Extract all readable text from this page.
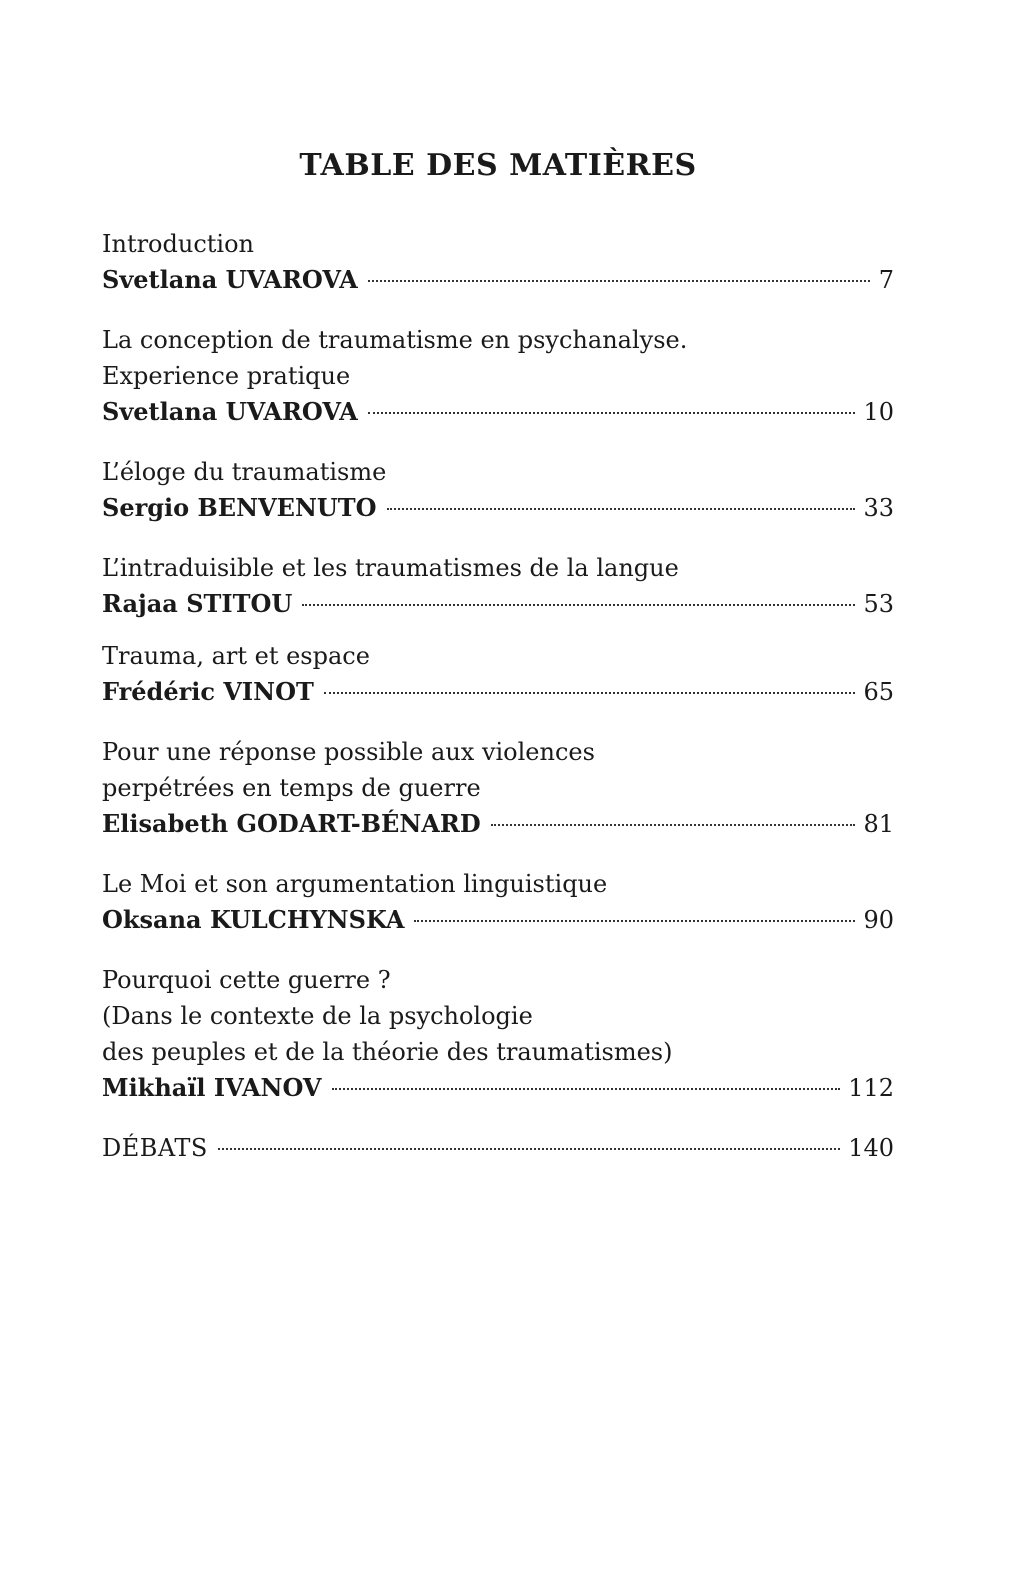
TABLE DES MATIÈRES
Introduction
Svetlana UVAROVA	7
La conception de traumatisme en psychanalyse.
Experience pratique
Svetlana UVAROVA	10
L’éloge du traumatisme
Sergio BENVENUTO	33
L’intraduisible et les traumatismes de la langue
Rajaa STITOU	53
Trauma, art et espace
Frédéric VINOT	65
Pour une réponse possible aux violences
perpétrées en temps de guerre
Elisabeth GODART-BÉNARD	81
Le Moi et son argumentation linguistique
Oksana KULCHYNSKA	90
Pourquoi cette guerre ?
(Dans le contexte de la psychologie
des peuples et de la théorie des traumatismes)
Mikhaïl IVANOV	112
DÉBATS	140
